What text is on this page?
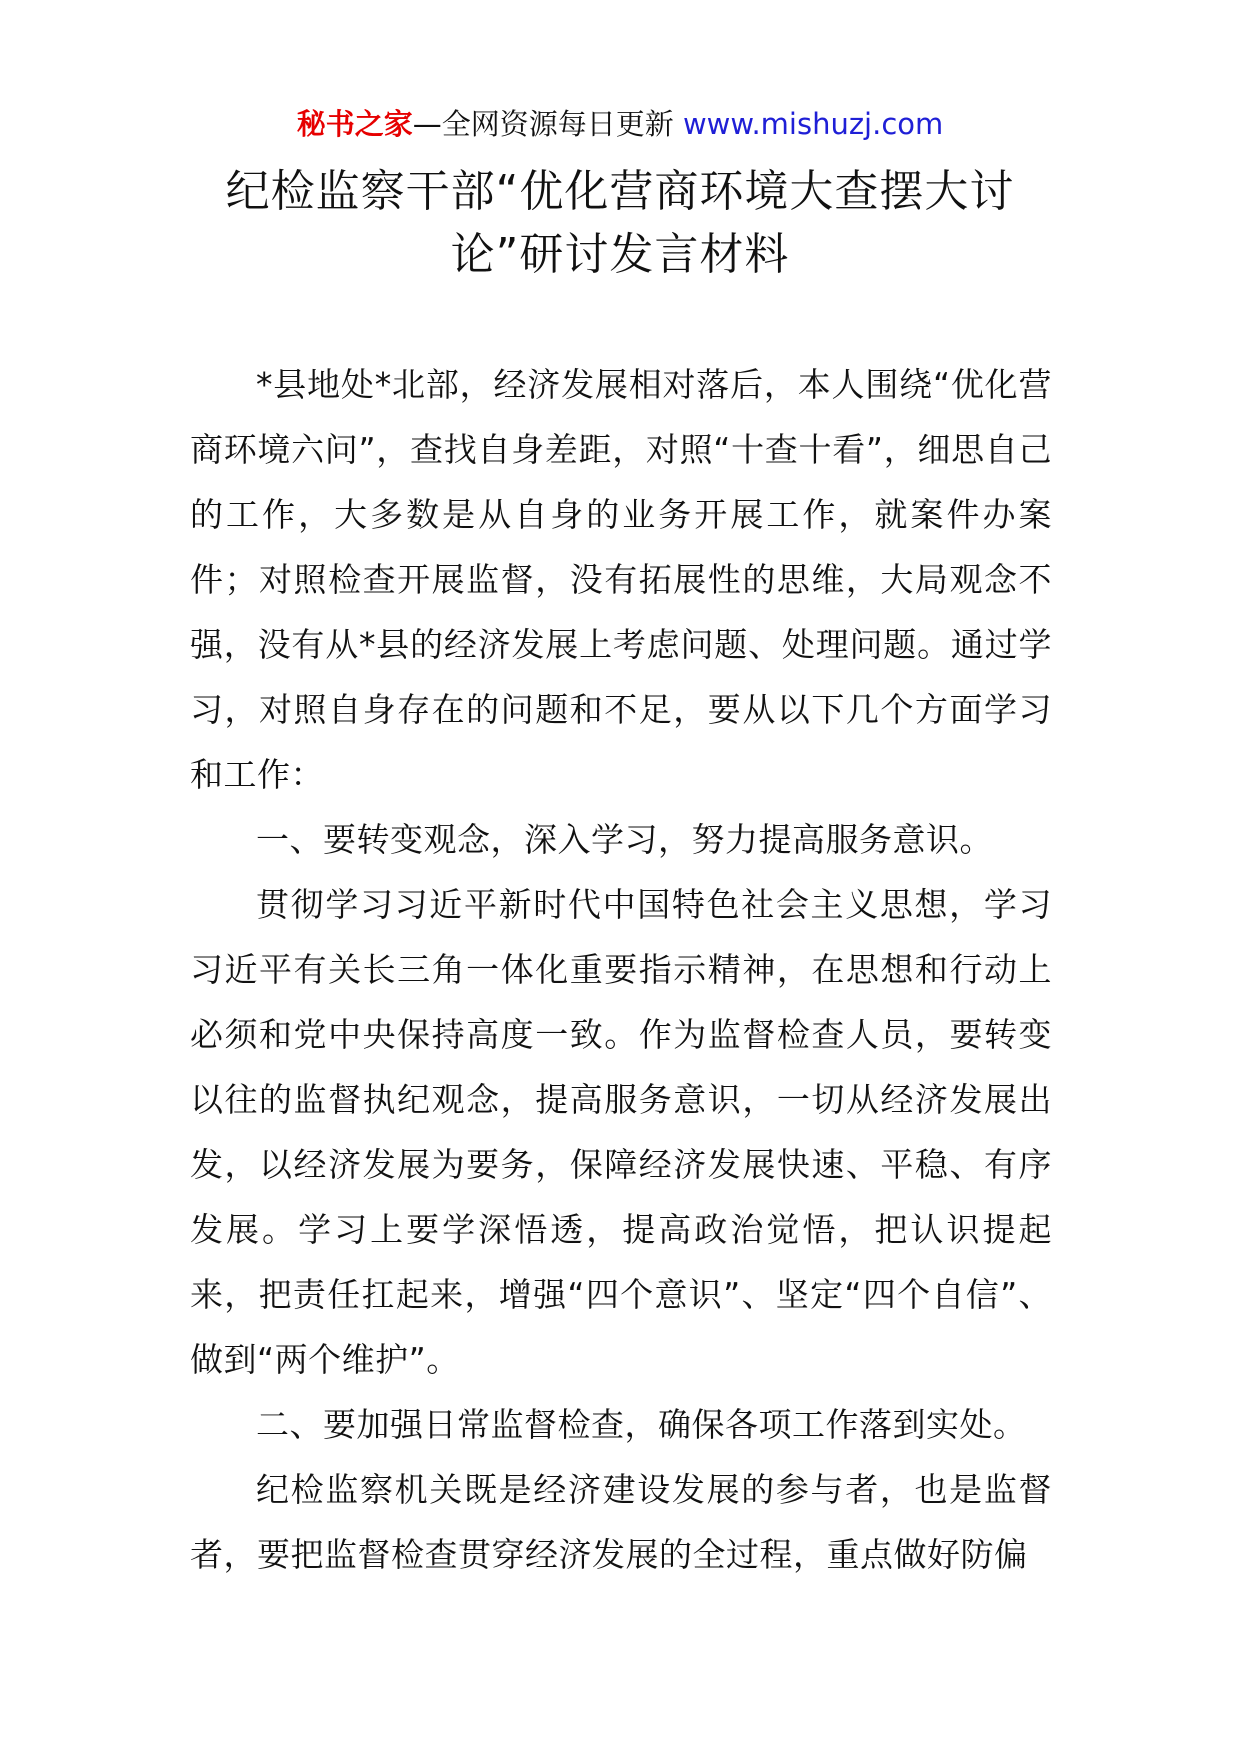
秘书之家—全网资源每日更新 www.mishuzj.com
纪检监察干部“优化营商环境大查摆大讨
论”研讨发言材料

*县地处*北部，经济发展相对落后，本人围绕“优化营商环境六问”，查找自身差距，对照“十查十看”，细思自己的工作，大多数是从自身的业务开展工作，就案件办案件；对照检查开展监督，没有拓展性的思维，大局观念不强，没有从*县的经济发展上考虑问题、处理问题。通过学习，对照自身存在的问题和不足，要从以下几个方面学习和工作：

一、要转变观念，深入学习，努力提高服务意识。

贯彻学习习近平新时代中国特色社会主义思想，学习习近平有关长三角一体化重要指示精神，在思想和行动上必须和党中央保持高度一致。作为监督检查人员，要转变以往的监督执纪观念，提高服务意识，一切从经济发展出发，以经济发展为要务，保障经济发展快速、平稳、有序发展。学习上要学深悟透，提高政治觉悟，把认识提起来，把责任扛起来，增强“四个意识”、坚定“四个自信”、做到“两个维护”。

二、要加强日常监督检查，确保各项工作落到实处。

纪检监察机关既是经济建设发展的参与者，也是监督者，要把监督检查贯穿经济发展的全过程，重点做好防偏
